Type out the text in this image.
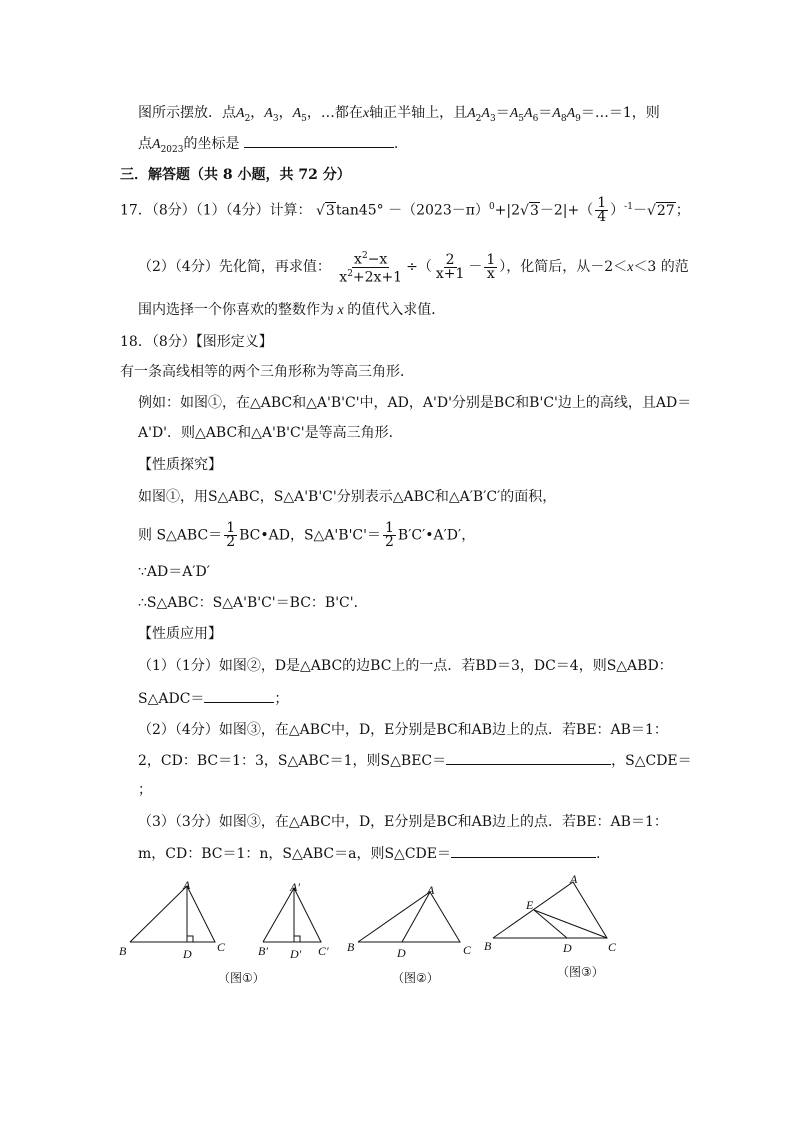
图所示摆放．点$A_2$，$A_3$，$A_5$，…都在x轴正半轴上，且$A_2A_3=A_5A_6=A_8A_9=\dots=1$，则
点$A_{2023}$的坐标是	.
三．解答题（共 8 小题，共 72 分）
17．（8分）（1）（4分）计算： $√3\tan 45^\circ -(2023-\pi)^0+|2√3-2|+( \frac{1}{4} )^{-1}-√27$；
（2）（4分）先化简，再求值： $\frac{x^2-x}{x^2+2x+1}$ ÷（ $\frac{2}{x+1} - \frac{1}{x}$ ），化简后，从－2＜x＜3 的范
围内选择一个你喜欢的整数作为 x 的值代入求值．
18．（8分）【图形定义】
有一条高线相等的两个三角形称为等高三角形．
例如：如图①，在△ABC和△A'B'C'中，AD，A'D'分别是BC和B'C'边上的高线，且AD＝
A'D'．则△ABC和△A'B'C'是等高三角形．
【性质探究】
如图①，用S△ABC，S△A'B'C'分别表示△ABC和△A′B′C′的面积，
则 S△ABC＝ $\frac{1}{2}$ BC•AD，S△A'B'C'＝ $\frac{1}{2}$ B′C′•A′D′，
∵AD＝A′D′
∴S△ABC：S△A'B'C'＝BC：B'C'．
【性质应用】
（1）（1分）如图②，D是△ABC的边BC上的一点．若BD＝3，DC＝4，则S△ABD：
S△ADC＝	；
（2）（4分）如图③，在△ABC中，D，E分别是BC和AB边上的点．若BE：AB＝1：
2，CD：BC＝1：3，S△ABC＝1，则S△BEC＝	，S△CDE＝
；
（3）（3分）如图③，在△ABC中，D，E分别是BC和AB边上的点．若BE：AB＝1：
m，CD：BC＝1：n，S△ABC＝a，则S△CDE＝	.
A
B	C
D
A′
B′	C′
D′
A
B	C
D
A
B	C
D
E
（图①）	（图②）	（图③）
